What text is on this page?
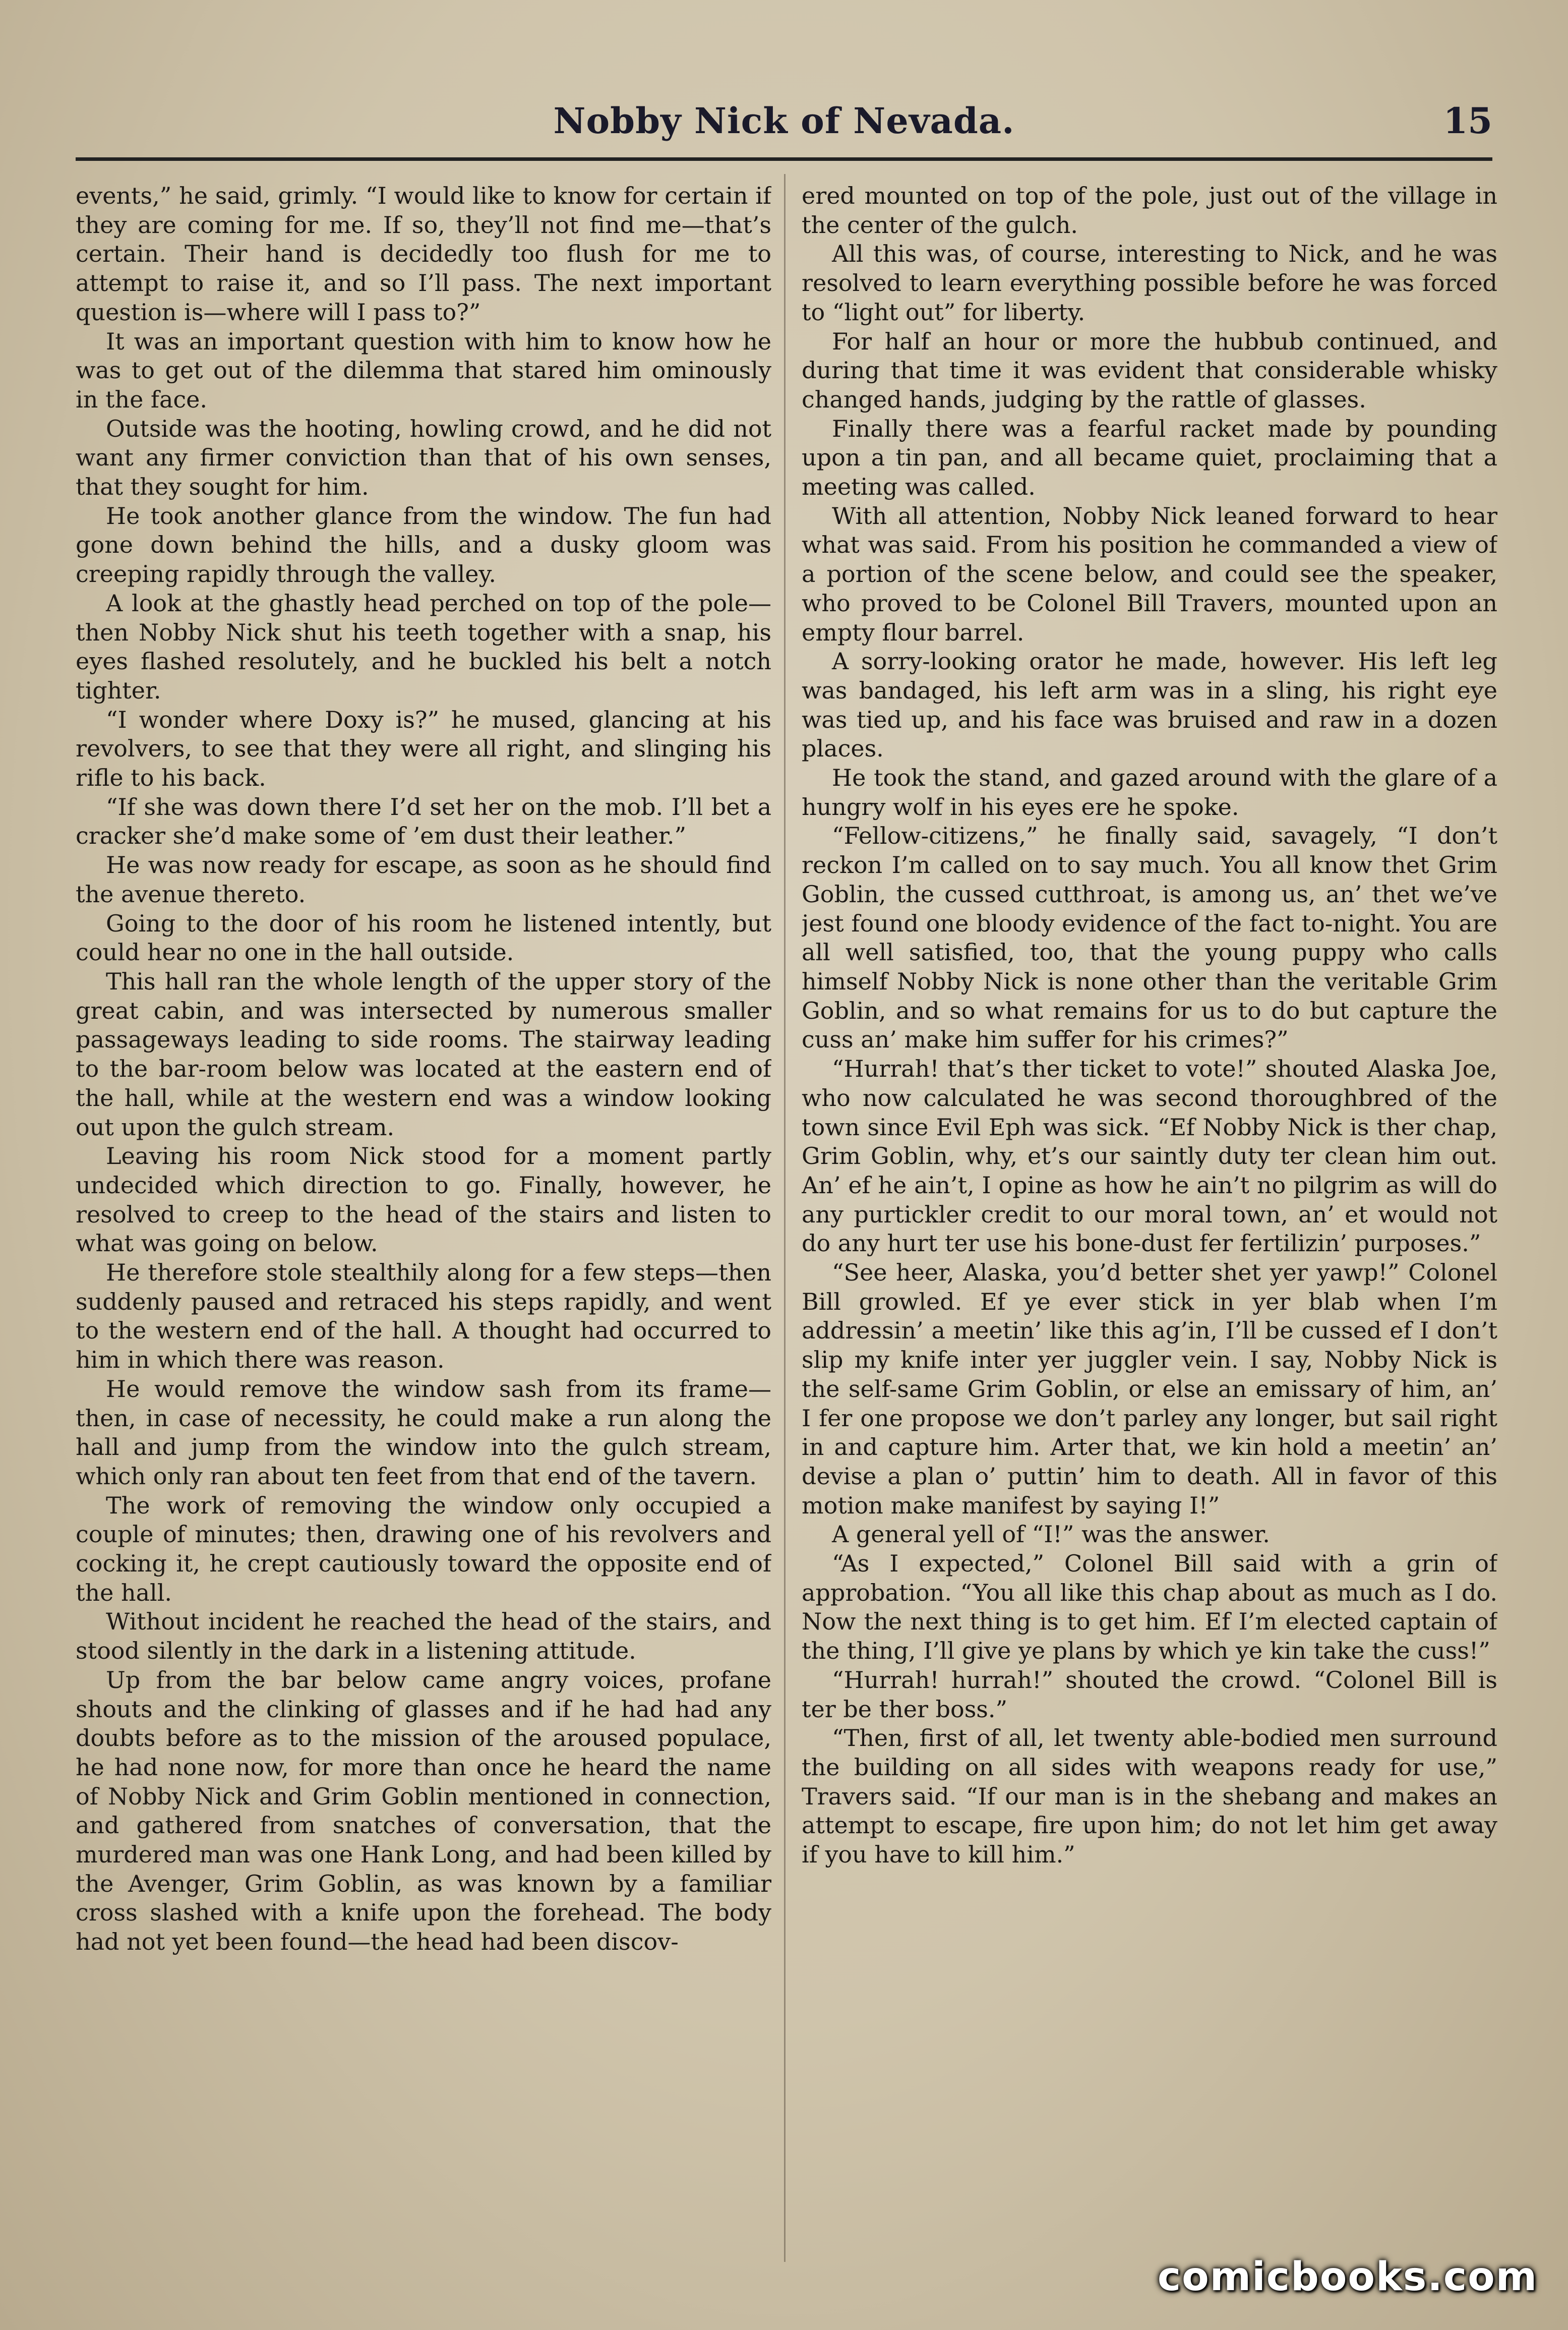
Nobby Nick of Nevada.	15

events,” he said, grimly. “I would like to know for certain if they are coming for me. If so, they’ll not find me—that’s certain. Their hand is decidedly too flush for me to attempt to raise it, and so I’ll pass. The next important question is—where will I pass to?”

It was an important question with him to know how he was to get out of the dilemma that stared him ominously in the face.

Outside was the hooting, howling crowd, and he did not want any firmer conviction than that of his own senses, that they sought for him.

He took another glance from the window. The fun had gone down behind the hills, and a dusky gloom was creeping rapidly through the valley.

A look at the ghastly head perched on top of the pole—then Nobby Nick shut his teeth together with a snap, his eyes flashed resolutely, and he buckled his belt a notch tighter.

“I wonder where Doxy is?” he mused, glancing at his revolvers, to see that they were all right, and slinging his rifle to his back.

“If she was down there I’d set her on the mob. I’ll bet a cracker she’d make some of ’em dust their leather.”

He was now ready for escape, as soon as he should find the avenue thereto.

Going to the door of his room he listened intently, but could hear no one in the hall outside.

This hall ran the whole length of the upper story of the great cabin, and was intersected by numerous smaller passageways leading to side rooms. The stairway leading to the bar-room below was located at the eastern end of the hall, while at the western end was a window looking out upon the gulch stream.

Leaving his room Nick stood for a moment partly undecided which direction to go. Finally, however, he resolved to creep to the head of the stairs and listen to what was going on below.

He therefore stole stealthily along for a few steps—then suddenly paused and retraced his steps rapidly, and went to the western end of the hall. A thought had occurred to him in which there was reason.

He would remove the window sash from its frame—then, in case of necessity, he could make a run along the hall and jump from the window into the gulch stream, which only ran about ten feet from that end of the tavern.

The work of removing the window only occupied a couple of minutes; then, drawing one of his revolvers and cocking it, he crept cautiously toward the opposite end of the hall.

Without incident he reached the head of the stairs, and stood silently in the dark in a listening attitude.

Up from the bar below came angry voices, profane shouts and the clinking of glasses and if he had had any doubts before as to the mission of the aroused populace, he had none now, for more than once he heard the name of Nobby Nick and Grim Goblin mentioned in connection, and gathered from snatches of conversation, that the murdered man was one Hank Long, and had been killed by the Avenger, Grim Goblin, as was known by a familiar cross slashed with a knife upon the forehead. The body had not yet been found—the head had been discov-

ered mounted on top of the pole, just out of the village in the center of the gulch.

All this was, of course, interesting to Nick, and he was resolved to learn everything possible before he was forced to “light out” for liberty.

For half an hour or more the hubbub continued, and during that time it was evident that considerable whisky changed hands, judging by the rattle of glasses.

Finally there was a fearful racket made by pounding upon a tin pan, and all became quiet, proclaiming that a meeting was called.

With all attention, Nobby Nick leaned forward to hear what was said. From his position he commanded a view of a portion of the scene below, and could see the speaker, who proved to be Colonel Bill Travers, mounted upon an empty flour barrel.

A sorry-looking orator he made, however. His left leg was bandaged, his left arm was in a sling, his right eye was tied up, and his face was bruised and raw in a dozen places.

He took the stand, and gazed around with the glare of a hungry wolf in his eyes ere he spoke.

“Fellow-citizens,” he finally said, savagely, “I don’t reckon I’m called on to say much. You all know thet Grim Goblin, the cussed cutthroat, is among us, an’ thet we’ve jest found one bloody evidence of the fact to-night. You are all well satisfied, too, that the young puppy who calls himself Nobby Nick is none other than the veritable Grim Goblin, and so what remains for us to do but capture the cuss an’ make him suffer for his crimes?”

“Hurrah! that’s ther ticket to vote!” shouted Alaska Joe, who now calculated he was second thoroughbred of the town since Evil Eph was sick. “Ef Nobby Nick is ther chap, Grim Goblin, why, et’s our saintly duty ter clean him out. An’ ef he ain’t, I opine as how he ain’t no pilgrim as will do any purtickler credit to our moral town, an’ et would not do any hurt ter use his bone-dust fer fertilizin’ purposes.”

“See heer, Alaska, you’d better shet yer yawp!” Colonel Bill growled. Ef ye ever stick in yer blab when I’m addressin’ a meetin’ like this ag’in, I’ll be cussed ef I don’t slip my knife inter yer juggler vein. I say, Nobby Nick is the self-same Grim Goblin, or else an emissary of him, an’ I fer one propose we don’t parley any longer, but sail right in and capture him. Arter that, we kin hold a meetin’ an’ devise a plan o’ puttin’ him to death. All in favor of this motion make manifest by saying I!”

A general yell of “I!” was the answer.

“As I expected,” Colonel Bill said with a grin of approbation. “You all like this chap about as much as I do. Now the next thing is to get him. Ef I’m elected captain of the thing, I’ll give ye plans by which ye kin take the cuss!”

“Hurrah! hurrah!” shouted the crowd. “Colonel Bill is ter be ther boss.”

“Then, first of all, let twenty able-bodied men surround the building on all sides with weapons ready for use,” Travers said. “If our man is in the shebang and makes an attempt to escape, fire upon him; do not let him get away if you have to kill him.”

comicbooks.com
